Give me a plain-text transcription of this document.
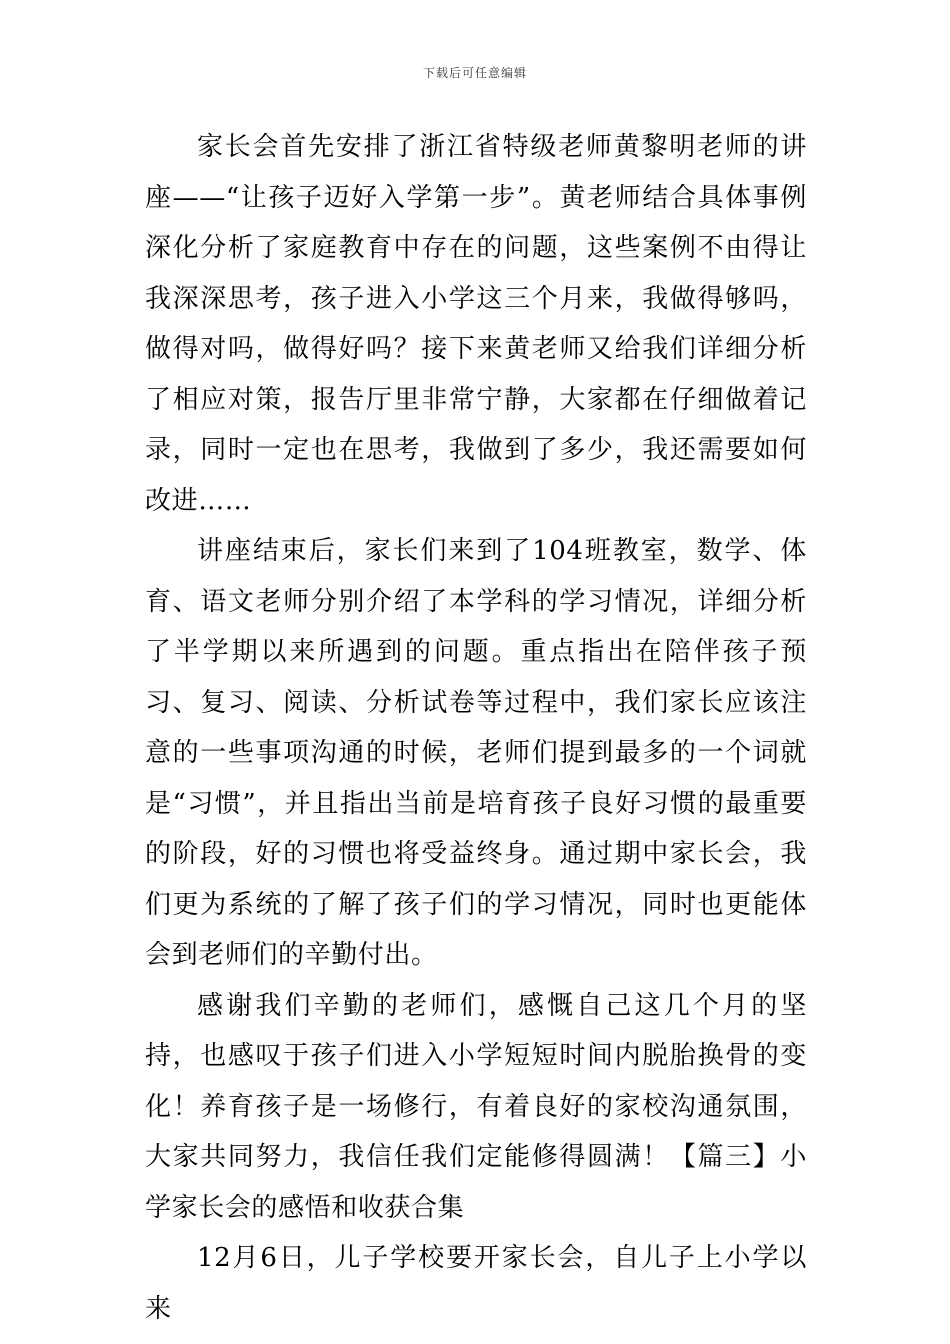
下载后可任意编辑

家长会首先安排了浙江省特级老师黄黎明老师的讲座——“让孩子迈好入学第一步”。黄老师结合具体事例深化分析了家庭教育中存在的问题，这些案例不由得让我深深思考，孩子进入小学这三个月来，我做得够吗，做得对吗，做得好吗？接下来黄老师又给我们详细分析了相应对策，报告厅里非常宁静，大家都在仔细做着记录，同时一定也在思考，我做到了多少，我还需要如何改进……

讲座结束后，家长们来到了104班教室，数学、体育、语文老师分别介绍了本学科的学习情况，详细分析了半学期以来所遇到的问题。重点指出在陪伴孩子预习、复习、阅读、分析试卷等过程中，我们家长应该注意的一些事项沟通的时候，老师们提到最多的一个词就是“习惯”，并且指出当前是培育孩子良好习惯的最重要的阶段，好的习惯也将受益终身。通过期中家长会，我们更为系统的了解了孩子们的学习情况，同时也更能体会到老师们的辛勤付出。

感谢我们辛勤的老师们，感慨自己这几个月的坚持，也感叹于孩子们进入小学短短时间内脱胎换骨的变化！养育孩子是一场修行，有着良好的家校沟通氛围，大家共同努力，我信任我们定能修得圆满！【篇三】小学家长会的感悟和收获合集

12月6日，儿子学校要开家长会，自儿子上小学以来
